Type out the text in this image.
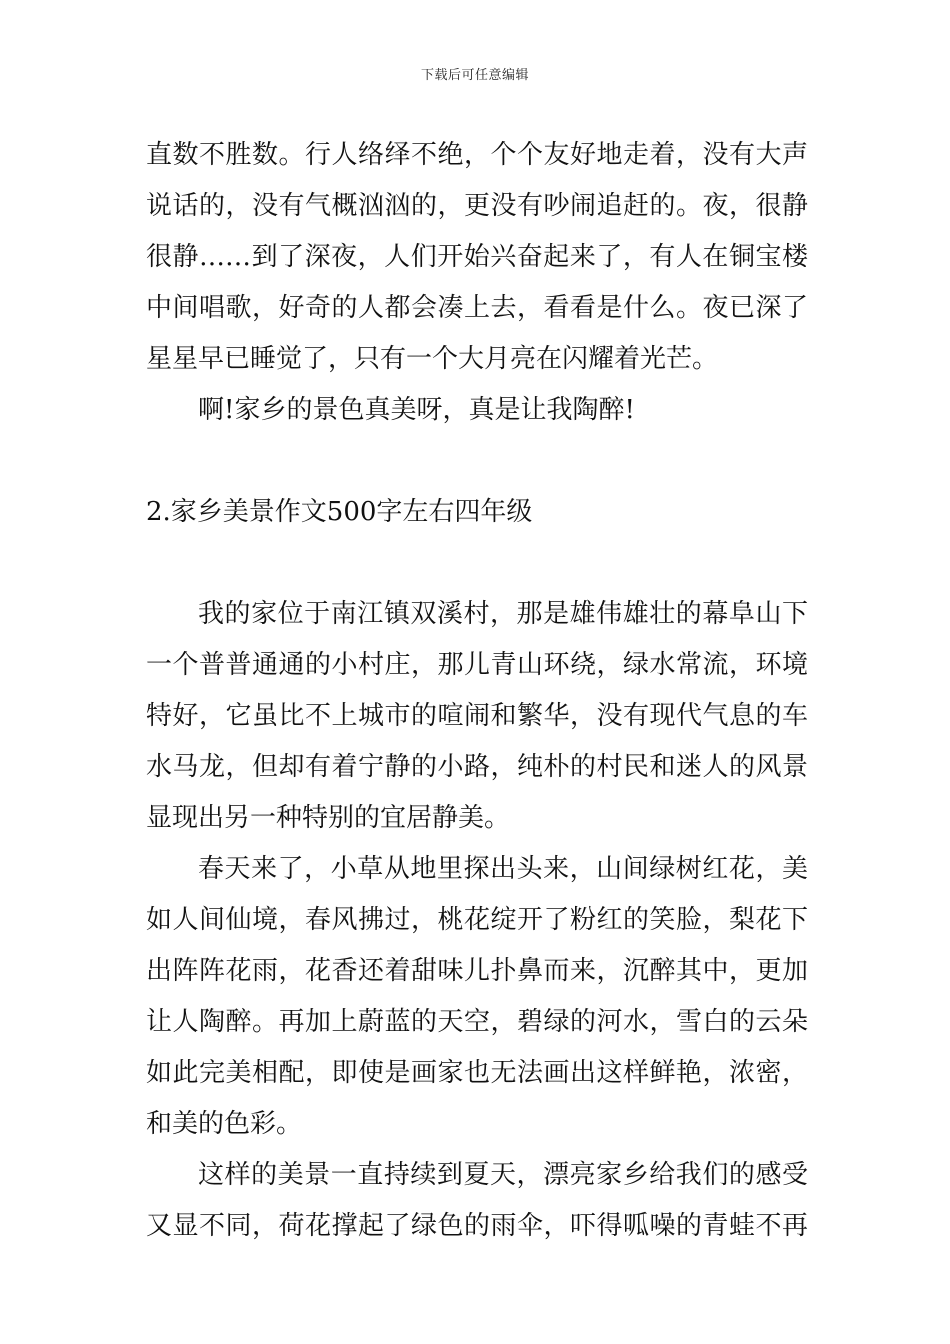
下载后可任意编辑
直数不胜数。行人络绎不绝，个个友好地走着，没有大声
说话的，没有气概汹汹的，更没有吵闹追赶的。夜，很静
很静……到了深夜，人们开始兴奋起来了，有人在铜宝楼
中间唱歌，好奇的人都会凑上去，看看是什么。夜已深了
星星早已睡觉了，只有一个大月亮在闪耀着光芒。
啊!家乡的景色真美呀，真是让我陶醉!
2.家乡美景作文500字左右四年级
我的家位于南江镇双溪村，那是雄伟雄壮的幕阜山下
一个普普通通的小村庄，那儿青山环绕，绿水常流，环境
特好，它虽比不上城市的喧闹和繁华，没有现代气息的车
水马龙，但却有着宁静的小路，纯朴的村民和迷人的风景
显现出另一种特别的宜居静美。
春天来了，小草从地里探出头来，山间绿树红花，美
如人间仙境，春风拂过，桃花绽开了粉红的笑脸，梨花下
出阵阵花雨，花香还着甜味儿扑鼻而来，沉醉其中，更加
让人陶醉。再加上蔚蓝的天空，碧绿的河水，雪白的云朵
如此完美相配，即使是画家也无法画出这样鲜艳，浓密，
和美的色彩。
这样的美景一直持续到夏天，漂亮家乡给我们的感受
又显不同，荷花撑起了绿色的雨伞，吓得呱噪的青蛙不再
